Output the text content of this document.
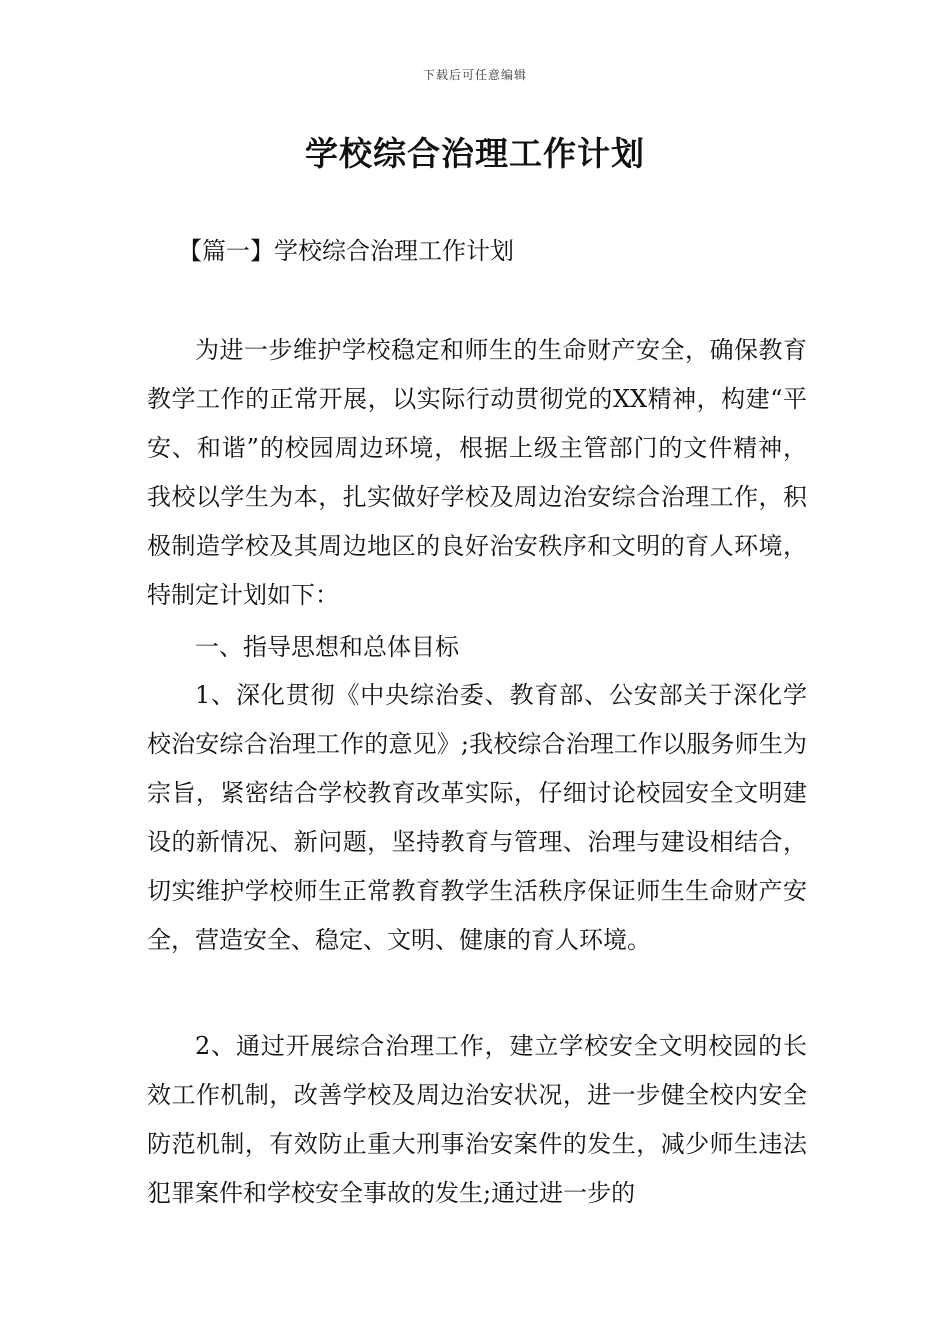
下载后可任意编辑
学校综合治理工作计划
【篇一】学校综合治理工作计划

为进一步维护学校稳定和师生的生命财产安全，确保教育教学工作的正常开展，以实际行动贯彻党的XX精神，构建“平安、和谐”的校园周边环境，根据上级主管部门的文件精神，我校以学生为本，扎实做好学校及周边治安综合治理工作，积极制造学校及其周边地区的良好治安秩序和文明的育人环境，特制定计划如下：

一、指导思想和总体目标

1、深化贯彻《中央综治委、教育部、公安部关于深化学校治安综合治理工作的意见》;我校综合治理工作以服务师生为宗旨，紧密结合学校教育改革实际，仔细讨论校园安全文明建设的新情况、新问题，坚持教育与管理、治理与建设相结合，切实维护学校师生正常教育教学生活秩序保证师生生命财产安全，营造安全、稳定、文明、健康的育人环境。

2、通过开展综合治理工作，建立学校安全文明校园的长效工作机制，改善学校及周边治安状况，进一步健全校内安全防范机制，有效防止重大刑事治安案件的发生，减少师生违法犯罪案件和学校安全事故的发生;通过进一步的
